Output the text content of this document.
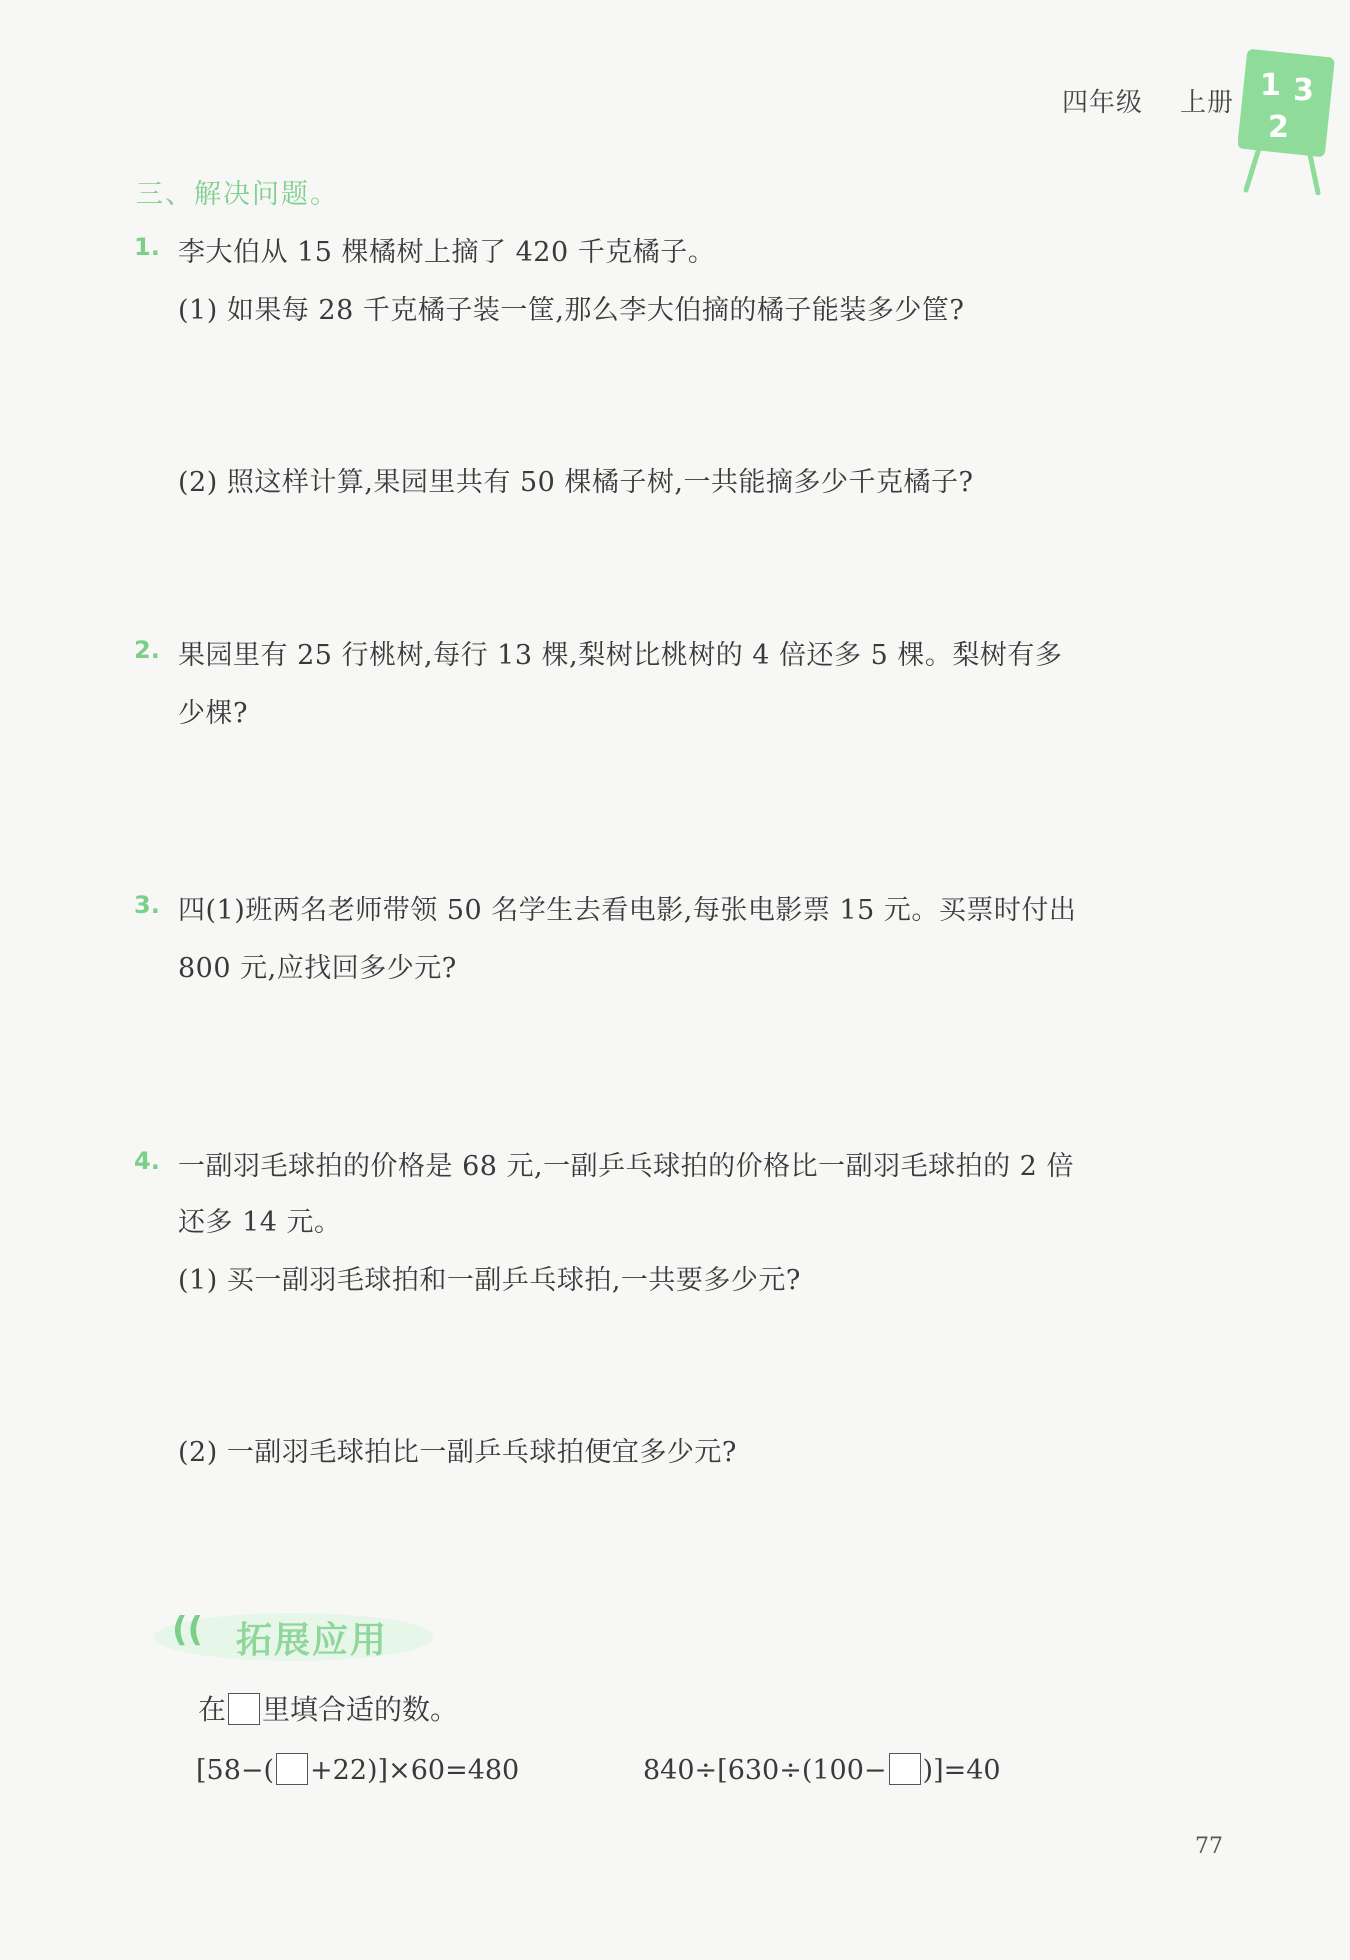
四年级 上册 1 3
2
三、解决问题。
1. 李大伯从 15 棵橘树上摘了 420 千克橘子。
(1) 如果每 28 千克橘子装一筐,那么李大伯摘的橘子能装多少筐?
(2) 照这样计算,果园里共有 50 棵橘子树,一共能摘多少千克橘子?
2. 果园里有 25 行桃树,每行 13 棵,梨树比桃树的 4 倍还多 5 棵。梨树有多
少棵?
3. 四(1)班两名老师带领 50 名学生去看电影,每张电影票 15 元。买票时付出
800 元,应找回多少元?
4. 一副羽毛球拍的价格是 68 元,一副乒乓球拍的价格比一副羽毛球拍的 2 倍
还多 14 元。
(1) 买一副羽毛球拍和一副乒乓球拍,一共要多少元?
(2) 一副羽毛球拍比一副乒乓球拍便宜多少元?
(( 拓展应用
在 里填合适的数。
[58−( +22)]×60=480	840÷[630÷(100− )]=40
77
